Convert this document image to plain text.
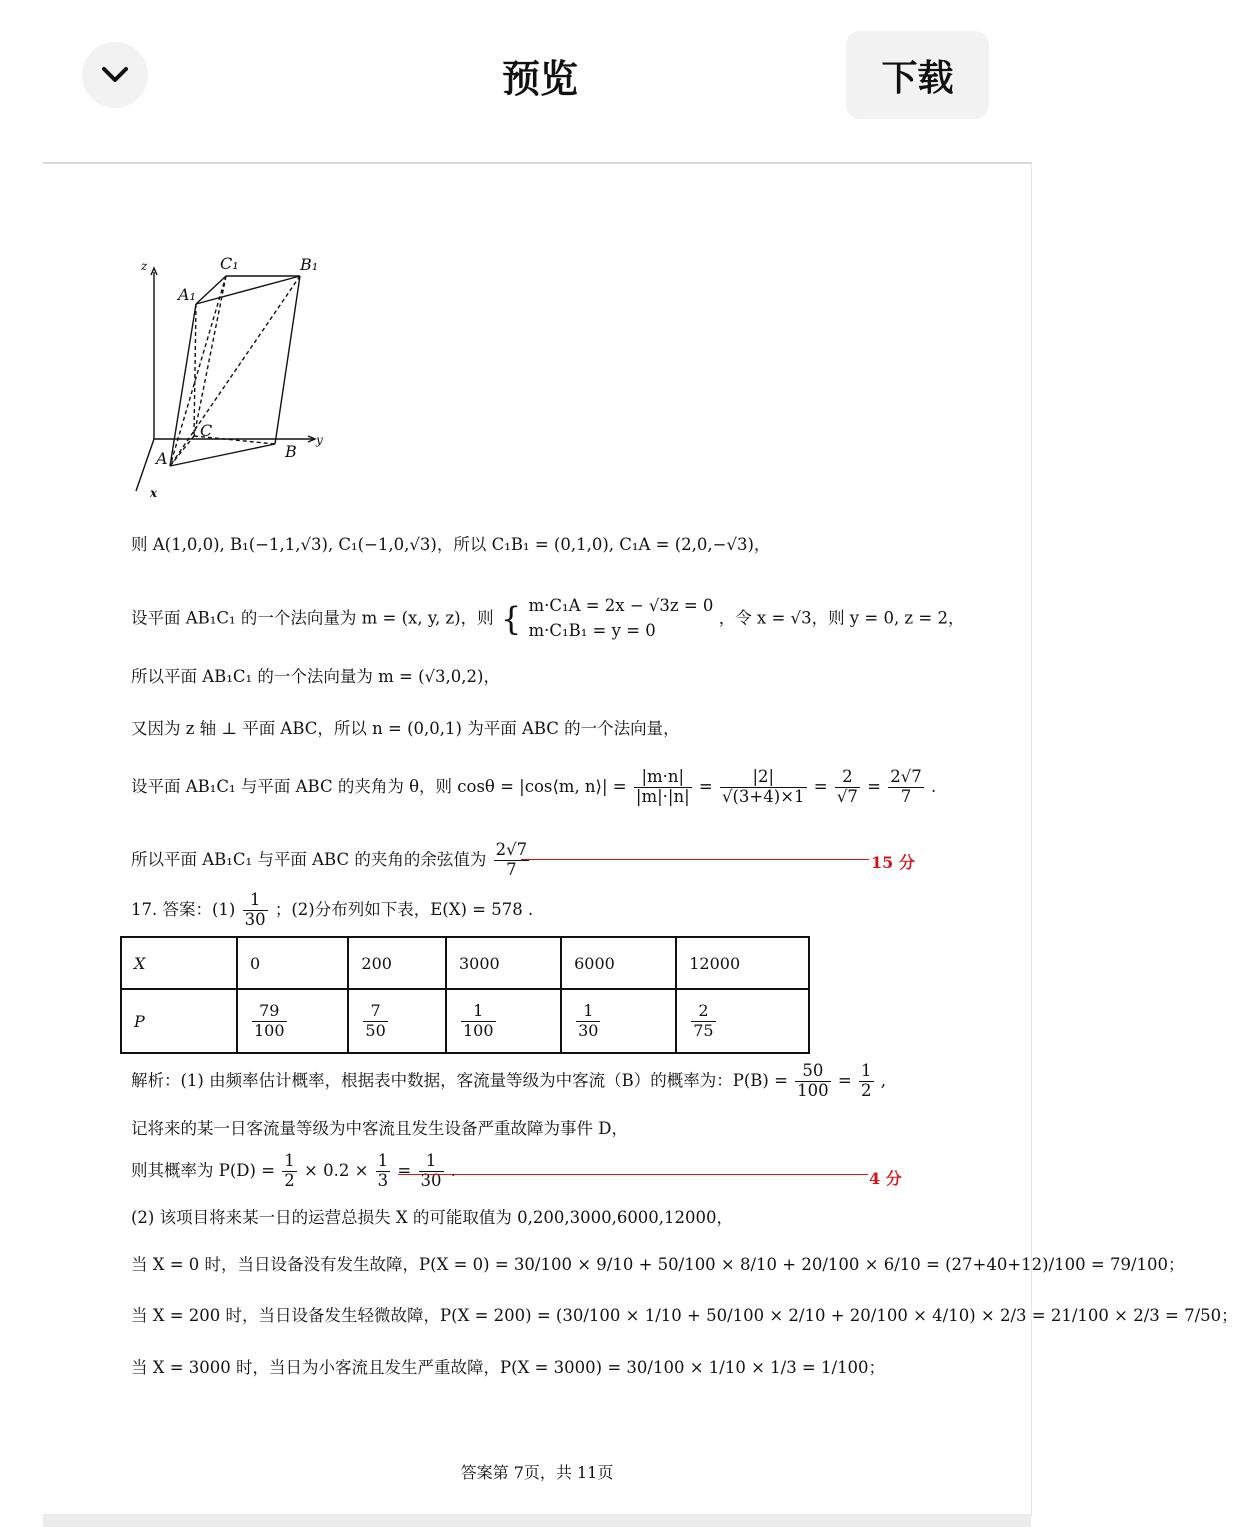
预览	下载
z	C₁	B₁
A₁
C
A	B
y
x
则 A(1,0,0), B₁(−1,1,√3), C₁(−1,0,√3)，所以 C₁B₁ = (0,1,0), C₁A = (2,0,−√3)，
设平面 AB₁C₁ 的一个法向量为 m = (x, y, z)，则 { m·C₁A = 2x − √3z = 0
m·C₁B₁ = y = 0
，令 x = √3，则 y = 0, z = 2，
所以平面 AB₁C₁ 的一个法向量为 m = (√3,0,2)，
又因为 z 轴 ⊥ 平面 ABC，所以 n = (0,0,1) 为平面 ABC 的一个法向量，
设平面 AB₁C₁ 与平面 ABC 的夹角为 θ，则 cosθ = |cos⟨m, n⟩| = $\frac{|m\cdot n|}{|m|\cdot|n|} = \frac{|2|}{√(3+4)\times 1} = \frac{2}{√7} = \frac{2√7}{7}$ .
所以平面 AB₁C₁ 与平面 ABC 的夹角的余弦值为 $\frac{2√7}{7}$	15 分
17. 答案：$(1) \frac{1}{30}$ ；(2)分布列如下表，E(X) = 578 .
X	0	200	3000	6000	12000
P	$\frac{79}{100}$	$\frac{7}{50}$	$\frac{1}{100}$	$\frac{1}{30}$	$\frac{2}{75}$
解析：(1) 由频率估计概率，根据表中数据，客流量等级为中客流（B）的概率为：$P(B) = \frac{50}{100} = \frac{1}{2}$ ,
记将来的某一日客流量等级为中客流且发生设备严重故障为事件 D，
则其概率为 $P(D) = \frac{1}{2} \times 0.2 \times \frac{1}{3} = \frac{1}{30}$ .	4 分
(2) 该项目将来某一日的运营总损失 X 的可能取值为 0,200,3000,6000,12000，
当 X = 0 时，当日设备没有发生故障，P(X = 0) = 30/100 × 9/10 + 50/100 × 8/10 + 20/100 × 6/10 = (27+40+12)/100 = 79/100；
当 X = 200 时，当日设备发生轻微故障，P(X = 200) = (30/100 × 1/10 + 50/100 × 2/10 + 20/100 × 4/10) × 2/3 = 21/100 × 2/3 = 7/50；
当 X = 3000 时，当日为小客流且发生严重故障，P(X = 3000) = 30/100 × 1/10 × 1/3 = 1/100；
答案第 7页，共 11页
